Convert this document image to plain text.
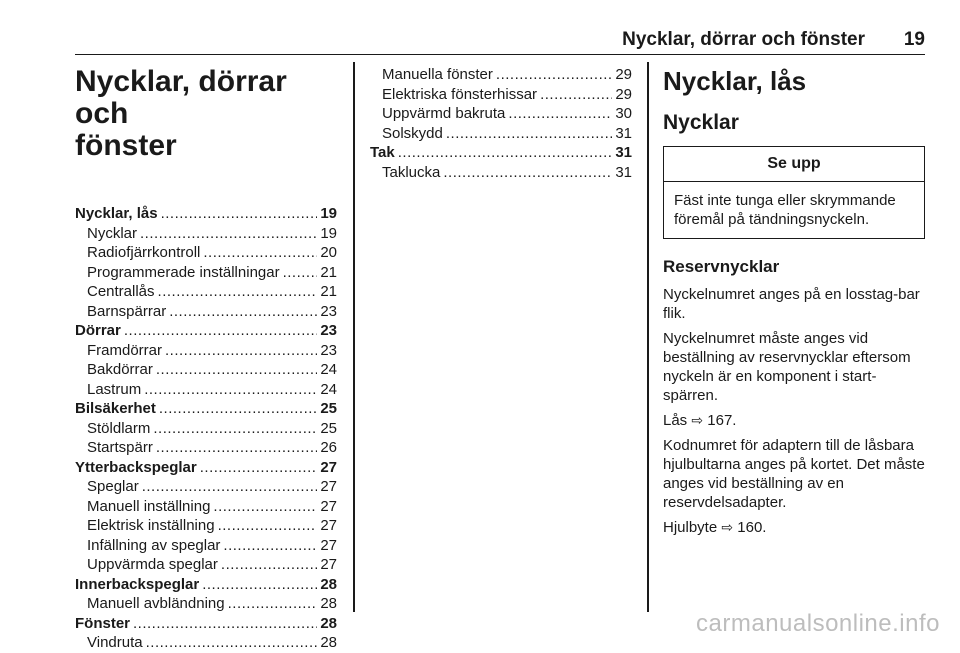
Nycklar, dörrar och fönster 19
Nycklar, dörrar och
fönster
Nycklar, lås .....	19
Nycklar .....	19
Radiofjärrkontroll .....	20
Programmerade inställningar .....	21
Centrallås .....	21
Barnspärrar .....	23
Dörrar .....	23
Framdörrar .....	23
Bakdörrar .....	24
Lastrum .....	24
Bilsäkerhet .....	25
Stöldlarm .....	25
Startspärr .....	26
Ytterbackspeglar .....	27
Speglar .....	27
Manuell inställning .....	27
Elektrisk inställning .....	27
Infällning av speglar .....	27
Uppvärmda speglar .....	27
Innerbackspeglar .....	28
Manuell avbländning .....	28
Fönster .....	28
Vindruta .....	28
Manuella fönster .....	29
Elektriska fönsterhissar .....	29
Uppvärmd bakruta .....	30
Solskydd .....	31
Tak .....	31
Taklucka .....	31
Nycklar, lås
Nycklar
Se upp
Fäst inte tunga eller skrymmande föremål på tändningsnyckeln.
Reservnycklar

Nyckelnumret anges på en losstag-bar flik.

Nyckelnumret måste anges vid beställning av reservnycklar eftersom nyckeln är en komponent i start-spärren.

Lås ⇨ 167.

Kodnumret för adaptern till de låsbara hjulbultarna anges på kortet. Det måste anges vid beställning av en reservdelsadapter.

Hjulbyte ⇨ 160.

carmanualsonline.info
